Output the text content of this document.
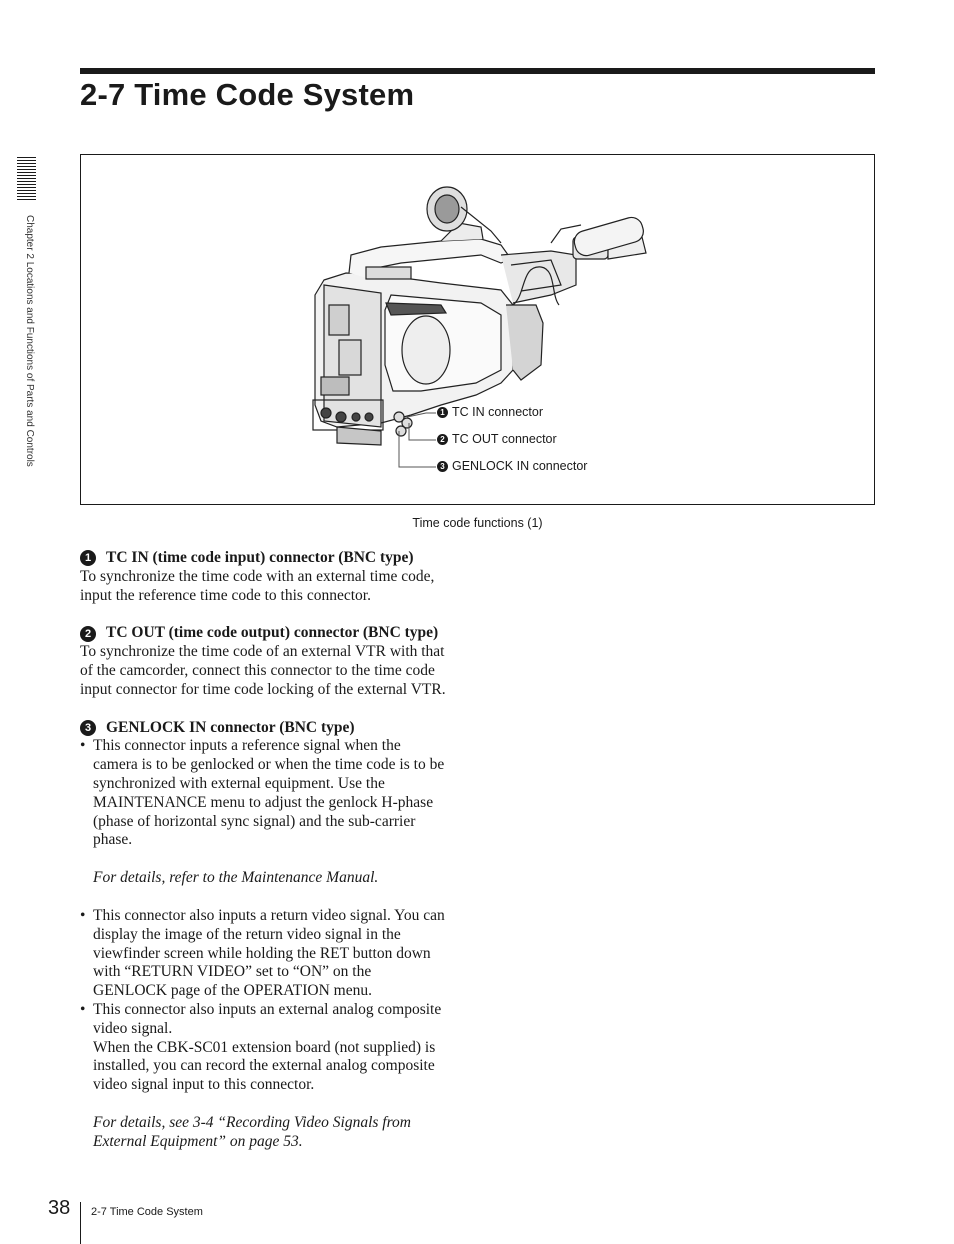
2-7 Time Code System
Chapter 2 Locations and Functions of Parts and Controls	1 TC IN connector
2 TC OUT connector
3 GENLOCK IN connector
Time code functions (1)
1 TC IN (time code input) connector (BNC type)
To synchronize the time code with an external time code,
input the reference time code to this connector.
2 TC OUT (time code output) connector (BNC type)
To synchronize the time code of an external VTR with that
of the camcorder, connect this connector to the time code
input connector for time code locking of the external VTR.
3 GENLOCK IN connector (BNC type)
• This connector inputs a reference signal when the
camera is to be genlocked or when the time code is to be
synchronized with external equipment. Use the
MAINTENANCE menu to adjust the genlock H-phase
(phase of horizontal sync signal) and the sub-carrier
phase.
For details, refer to the Maintenance Manual.
• This connector also inputs a return video signal. You can
display the image of the return video signal in the
viewfinder screen while holding the RET button down
with “RETURN VIDEO” set to “ON” on the
GENLOCK page of the OPERATION menu.
• This connector also inputs an external analog composite
video signal.
When the CBK-SC01 extension board (not supplied) is
installed, you can record the external analog composite
video signal input to this connector.
For details, see 3-4 “Recording Video Signals from
External Equipment” on page 53.
38 2-7 Time Code System
